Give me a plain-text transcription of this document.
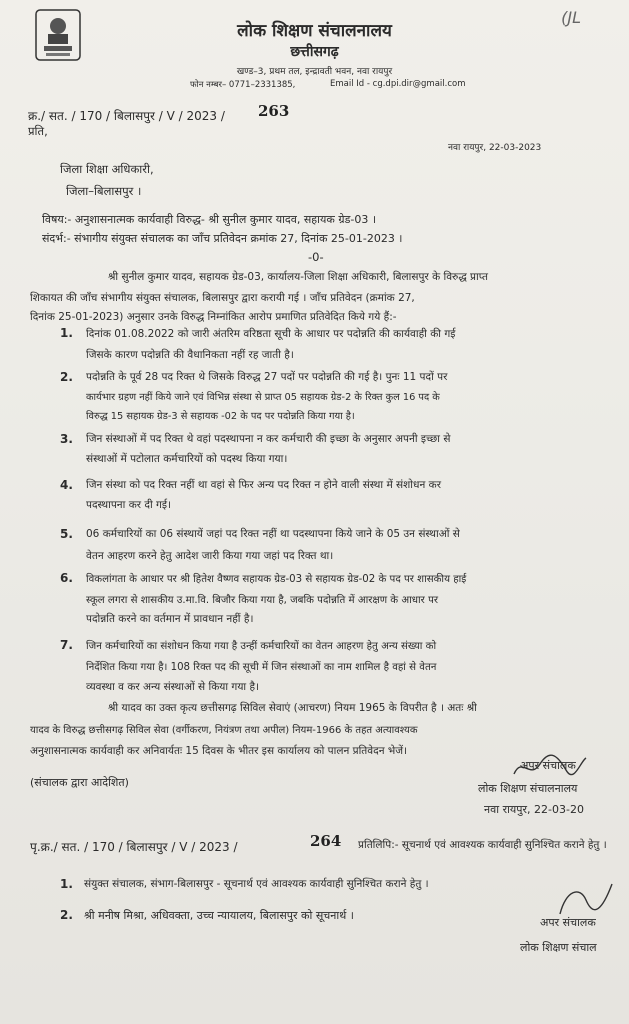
(JL
लोक शिक्षण संचालनालय
छत्तीसगढ़
खण्ड–3, प्रथम तल, इन्द्रावती भवन, नवा रायपुर
फोन नम्बर– 0771–2331385,	Email Id - cg.dpi.dir@gmail.com
क्र./ सत. / 170 / बिलासपुर / V / 2023 / 263
नवा रायपुर, 22-03-2023
प्रति,
जिला शिक्षा अधिकारी,
जिला–बिलासपुर ।
विषय:- अनुशासनात्मक कार्यवाही विरुद्ध- श्री सुनील कुमार यादव, सहायक ग्रेड-03 ।
संदर्भ:- संभागीय संयुक्त संचालक का जाँच प्रतिवेदन क्रमांक 27, दिनांक 25-01-2023 ।
-0-
श्री सुनील कुमार यादव, सहायक ग्रेड-03, कार्यालय-जिला शिक्षा अधिकारी, बिलासपुर के विरुद्ध प्राप्त
शिकायत की जाँच संभागीय संयुक्त संचालक, बिलासपुर द्वारा करायी गई । जाँच प्रतिवेदन (क्रमांक 27,
दिनांक 25-01-2023) अनुसार उनके विरुद्ध निम्नांकित आरोप प्रमाणित प्रतिवेदित किये गये हैं:-
1. दिनांक 01.08.2022 को जारी अंतरिम वरिष्ठता सूची के आधार पर पदोन्नति की कार्यवाही की गई
जिसके कारण पदोन्नति की वैधानिकता नहीं रह जाती है।
2. पदोन्नति के पूर्व 28 पद रिक्त थे जिसके विरुद्ध 27 पदों पर पदोन्नति की गई है। पुनः 11 पदों पर
कार्यभार ग्रहण नहीं किये जाने एवं विभिन्न संस्था से प्राप्त 05 सहायक ग्रेड-2 के रिक्त कुल 16 पद के
विरुद्ध 15 सहायक ग्रेड-3 से सहायक -02 के पद पर पदोन्नति किया गया है।
3. जिन संस्थाओं में पद रिक्त थे वहां पदस्थापना न कर कर्मचारी की इच्छा के अनुसार अपनी इच्छा से
संस्थाओं में पटोलात कर्मचारियों को पदस्थ किया गया।
4. जिन संस्था को पद रिक्त नहीं था वहां से फिर अन्य पद रिक्त न होने वाली संस्था में संशोधन कर
पदस्थापना कर दी गई।
5. 06 कर्मचारियों का 06 संस्थायें जहां पद रिक्त नहीं था पदस्थापना किये जाने के 05 उन संस्थाओं से
वेतन आहरण करने हेतु आदेश जारी किया गया जहां पद रिक्त था।
6. विकलांगता के आधार पर श्री हितेश वैष्णव सहायक ग्रेड-03 से सहायक ग्रेड-02 के पद पर शासकीय हाई
स्कूल लगरा से शासकीय उ.मा.वि. बिजौर किया गया है, जबकि पदोन्नति में आरक्षण के आधार पर
पदोन्नति करने का वर्तमान में प्रावधान नहीं है।
7. जिन कर्मचारियों का संशोधन किया गया है उन्हीं कर्मचारियों का वेतन आहरण हेतु अन्य संख्या को
निर्देशित किया गया है। 108 रिक्त पद की सूची में जिन संस्थाओं का नाम शामिल है वहां से वेतन
व्यवस्था व कर अन्य संस्थाओं से किया गया है।
श्री यादव का उक्त कृत्य छत्तीसगढ़ सिविल सेवाएं (आचरण) नियम 1965 के विपरीत है । अतः श्री
यादव के विरुद्ध छत्तीसगढ़ सिविल सेवा (वर्गीकरण, नियंत्रण तथा अपील) नियम-1966 के तहत अत्यावश्यक
अनुशासनात्मक कार्यवाही कर अनिवार्यतः 15 दिवस के भीतर इस कार्यालय को पालन प्रतिवेदन भेजें।
(संचालक द्वारा आदेशित)
अपर संचालक
लोक शिक्षण संचालनालय
नवा रायपुर, 22-03-20
पृ.क्र./ सत. / 170 / बिलासपुर / V / 2023 /	264 प्रतिलिपि:- सूचनार्थ एवं आवश्यक कार्यवाही सुनिश्चित कराने हेतु ।
1. संयुक्त संचालक, संभाग-बिलासपुर - सूचनार्थ एवं आवश्यक कार्यवाही सुनिश्चित कराने हेतु ।
2. श्री मनीष मिश्रा, अधिवक्ता, उच्च न्यायालय, बिलासपुर को सूचनार्थ ।
अपर संचालक
लोक शिक्षण संचाल
